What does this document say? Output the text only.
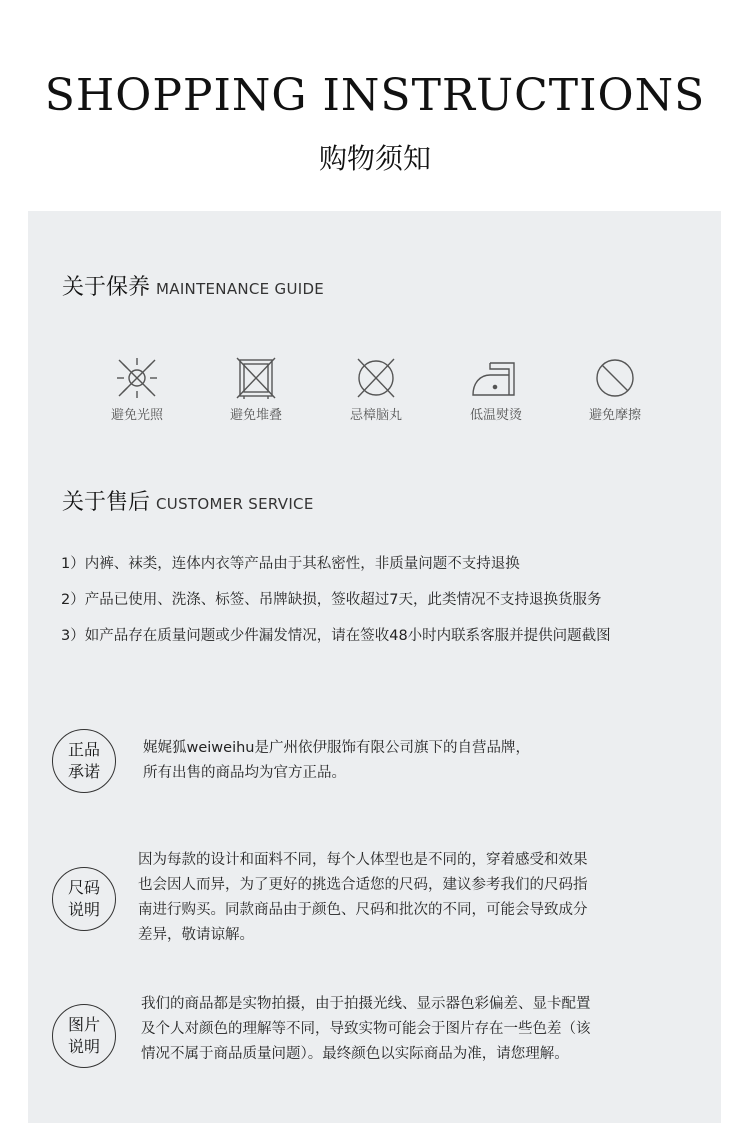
SHOPPING INSTRUCTIONS
购物须知
关于保养 MAINTENANCE GUIDE
避免光照	避免堆叠	忌樟脑丸	低温熨烫	避免摩擦
关于售后 CUSTOMER SERVICE
1）内裤、袜类，连体内衣等产品由于其私密性，非质量问题不支持退换
2）产品已使用、洗涤、标签、吊牌缺损，签收超过7天，此类情况不支持退换货服务
3）如产品存在质量问题或少件漏发情况，请在签收48小时内联系客服并提供问题截图
正品
承诺
娓娓狐weiweihu是广州依伊服饰有限公司旗下的自营品牌，
所有出售的商品均为官方正品。
尺码
说明
因为每款的设计和面料不同，每个人体型也是不同的，穿着感受和效果
也会因人而异，为了更好的挑选合适您的尺码，建议参考我们的尺码指
南进行购买。同款商品由于颜色、尺码和批次的不同，可能会导致成分
差异，敬请谅解。
图片
说明
我们的商品都是实物拍摄，由于拍摄光线、显示器色彩偏差、显卡配置
及个人对颜色的理解等不同，导致实物可能会于图片存在一些色差（该
情况不属于商品质量问题）。最终颜色以实际商品为准，请您理解。
